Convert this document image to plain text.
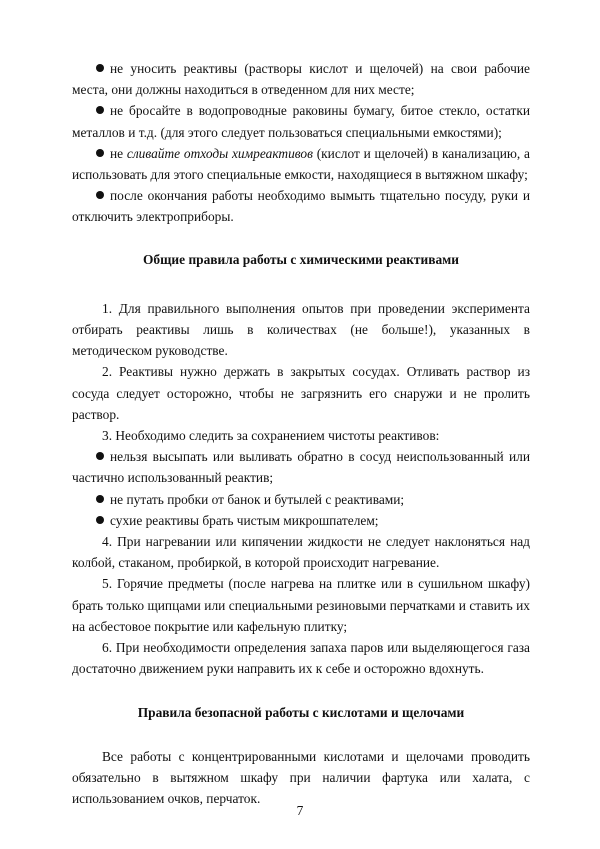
не уносить реактивы (растворы кислот и щелочей) на свои рабочие места, они должны находиться в отведенном для них месте;

не бросайте в водопроводные раковины бумагу, битое стекло, остатки металлов и т.д. (для этого следует пользоваться специальными емкостями);

не сливайте отходы химреактивов (кислот и щелочей) в канализацию, а использовать для этого специальные емкости, находящиеся в вытяжном шкафу;

после окончания работы необходимо вымыть тщательно посуду, руки и отключить электроприборы.

Общие правила работы с химическими реактивами

1. Для правильного выполнения опытов при проведении эксперимента отбирать реактивы лишь в количествах (не больше!), указанных в методическом руководстве.

2. Реактивы нужно держать в закрытых сосудах. Отливать раствор из сосуда следует осторожно, чтобы не загрязнить его снаружи и не пролить раствор.

3. Необходимо следить за сохранением чистоты реактивов:

нельзя высыпать или выливать обратно в сосуд неиспользованный или частично использованный реактив;

не путать пробки от банок и бутылей с реактивами;

сухие реактивы брать чистым микрошпателем;

4. При нагревании или кипячении жидкости не следует наклоняться над колбой, стаканом, пробиркой, в которой происходит нагревание.

5. Горячие предметы (после нагрева на плитке или в сушильном шкафу) брать только щипцами или специальными резиновыми перчатками и ставить их на асбестовое покрытие или кафельную плитку;

6. При необходимости определения запаха паров или выделяющегося газа достаточно движением руки направить их к себе и осторожно вдохнуть.

Правила безопасной работы с кислотами и щелочами

Все работы с концентрированными кислотами и щелочами проводить обязательно в вытяжном шкафу при наличии фартука или халата, с использованием очков, перчаток.

7
